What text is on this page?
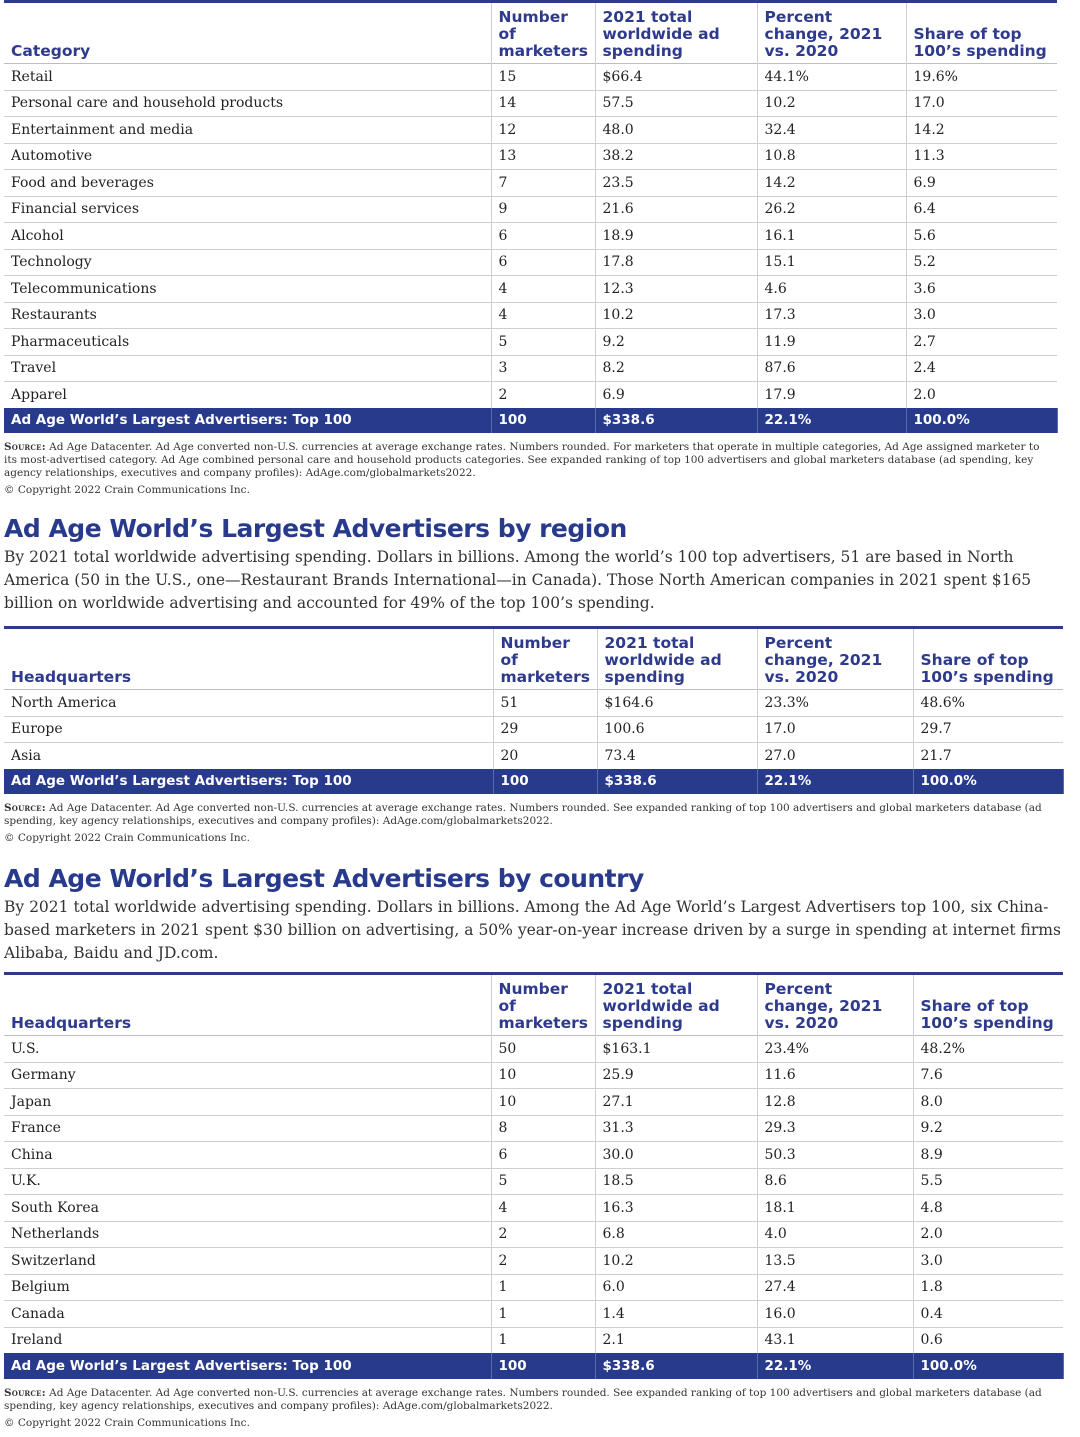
Category	Number of marketers	2021 total worldwide ad spending	Percent change, 2021 vs. 2020	Share of top 100’s spending
Retail	15	$66.4	44.1%	19.6%
Personal care and household products	14	57.5	10.2	17.0
Entertainment and media	12	48.0	32.4	14.2
Automotive	13	38.2	10.8	11.3
Food and beverages	7	23.5	14.2	6.9
Financial services	9	21.6	26.2	6.4
Alcohol	6	18.9	16.1	5.6
Technology	6	17.8	15.1	5.2
Telecommunications	4	12.3	4.6	3.6
Restaurants	4	10.2	17.3	3.0
Pharmaceuticals	5	9.2	11.9	2.7
Travel	3	8.2	87.6	2.4
Apparel	2	6.9	17.9	2.0
Ad Age World’s Largest Advertisers: Top 100	100	$338.6	22.1%	100.0%

Source: Ad Age Datacenter. Ad Age converted non-U.S. currencies at average exchange rates. Numbers rounded. For marketers that operate in multiple categories, Ad Age assigned marketer to its most-advertised category. Ad Age combined personal care and household products categories. See expanded ranking of top 100 advertisers and global marketers database (ad spending, key agency relationships, executives and company profiles): AdAge.com/globalmarkets2022.

© Copyright 2022 Crain Communications Inc.
Ad Age World’s Largest Advertisers by region

By 2021 total worldwide advertising spending. Dollars in billions. Among the world’s 100 top advertisers, 51 are based in North America (50 in the U.S., one—Restaurant Brands International—in Canada). Those North American companies in 2021 spent $165 billion on worldwide advertising and accounted for 49% of the top 100’s spending.

Headquarters	Number of marketers	2021 total worldwide ad spending	Percent change, 2021 vs. 2020	Share of top 100’s spending
North America	51	$164.6	23.3%	48.6%
Europe	29	100.6	17.0	29.7
Asia	20	73.4	27.0	21.7
Ad Age World’s Largest Advertisers: Top 100	100	$338.6	22.1%	100.0%

Source: Ad Age Datacenter. Ad Age converted non-U.S. currencies at average exchange rates. Numbers rounded. See expanded ranking of top 100 advertisers and global marketers database (ad spending, key agency relationships, executives and company profiles): AdAge.com/globalmarkets2022.

© Copyright 2022 Crain Communications Inc.
Ad Age World’s Largest Advertisers by country

By 2021 total worldwide advertising spending. Dollars in billions. Among the Ad Age World’s Largest Advertisers top 100, six China-based marketers in 2021 spent $30 billion on advertising, a 50% year-on-year increase driven by a surge in spending at internet firms Alibaba, Baidu and JD.com.

Headquarters	Number of marketers	2021 total worldwide ad spending	Percent change, 2021 vs. 2020	Share of top 100’s spending
U.S.	50	$163.1	23.4%	48.2%
Germany	10	25.9	11.6	7.6
Japan	10	27.1	12.8	8.0
France	8	31.3	29.3	9.2
China	6	30.0	50.3	8.9
U.K.	5	18.5	8.6	5.5
South Korea	4	16.3	18.1	4.8
Netherlands	2	6.8	4.0	2.0
Switzerland	2	10.2	13.5	3.0
Belgium	1	6.0	27.4	1.8
Canada	1	1.4	16.0	0.4
Ireland	1	2.1	43.1	0.6
Ad Age World’s Largest Advertisers: Top 100	100	$338.6	22.1%	100.0%

Source: Ad Age Datacenter. Ad Age converted non-U.S. currencies at average exchange rates. Numbers rounded. See expanded ranking of top 100 advertisers and global marketers database (ad spending, key agency relationships, executives and company profiles): AdAge.com/globalmarkets2022.

© Copyright 2022 Crain Communications Inc.
